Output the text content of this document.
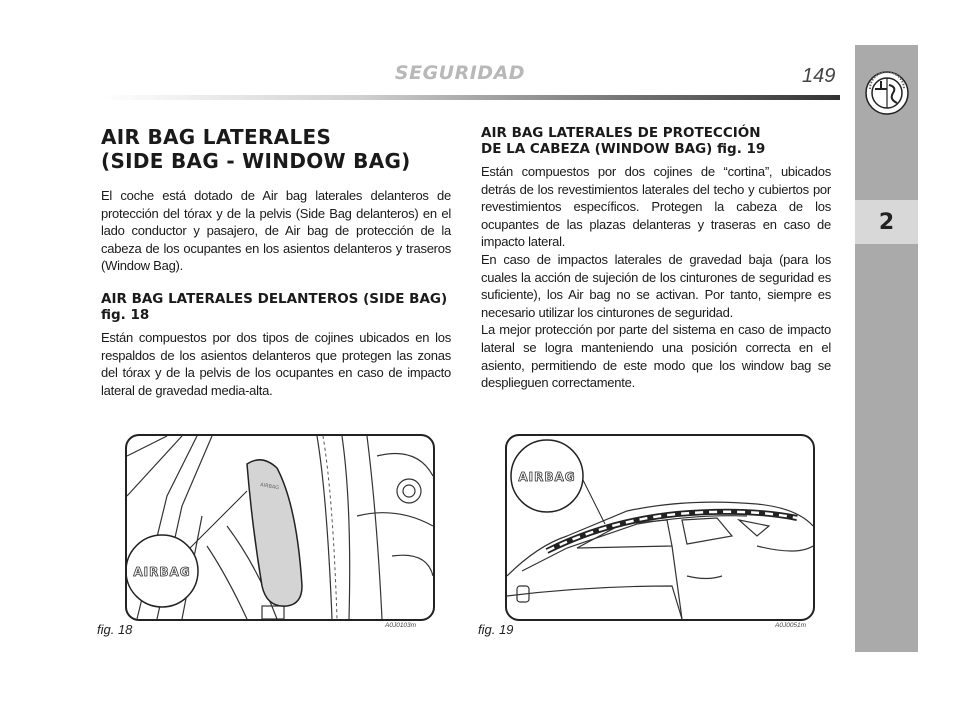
SEGURIDAD	149
2
AIR BAG LATERALES
(SIDE BAG - WINDOW BAG)

El coche está dotado de Air bag laterales delanteros de protección del tórax y de la pelvis (Side Bag delanteros) en el lado conductor y pasajero, de Air bag de protección de la cabeza de los ocupantes en los asientos delanteros y traseros (Window Bag).

AIR BAG LATERALES DELANTEROS (SIDE BAG)
fig. 18

Están compuestos por dos tipos de cojines ubicados en los respaldos de los asientos delanteros que protegen las zonas del tórax y de la pelvis de los ocupantes en caso de impacto lateral de gravedad media-alta.

AIR BAG LATERALES DE PROTECCIÓN
DE LA CABEZA (WINDOW BAG) fig. 19

Están compuestos por dos cojines de “cortina”, ubicados detrás de los revestimientos laterales del techo y cubiertos por revestimientos específicos. Protegen la cabeza de los ocupantes de las plazas delanteras y traseras en caso de impacto lateral.

En caso de impactos laterales de gravedad baja (para los cuales la acción de sujeción de los cinturones de seguridad es suficiente), los Air bag no se activan. Por tanto, siempre es necesario utilizar los cinturones de seguridad.

La mejor protección por parte del sistema en caso de impacto lateral se logra manteniendo una posición correcta en el asiento, permitiendo de este modo que los window bag se desplieguen correctamente.

AIRBAG
AIRBAG
fig. 18	A0J0103m
AIRBAG
fig. 19	A0J0051m
